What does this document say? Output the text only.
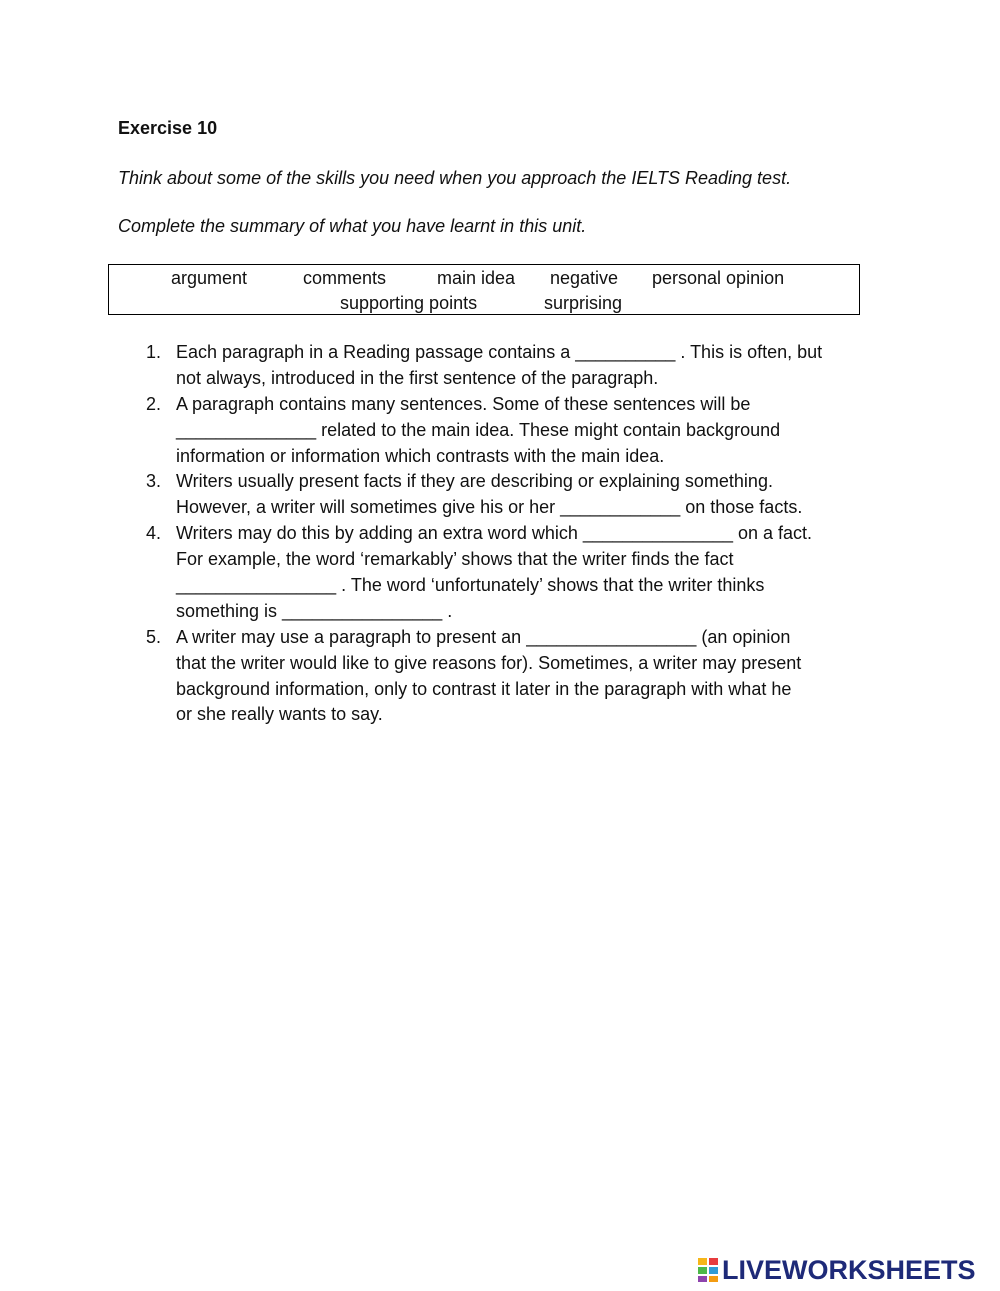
Exercise 10
Think about some of the skills you need when you approach the IELTS Reading test.
Complete the summary of what you have learnt in this unit.
argument	comments	main idea negative personal opinion
supporting points	surprising
1. Each paragraph in a Reading passage contains a __________ . This is often, but
not always, introduced in the first sentence of the paragraph.
2. A paragraph contains many sentences. Some of these sentences will be
______________ related to the main idea. These might contain background
information or information which contrasts with the main idea.
3. Writers usually present facts if they are describing or explaining something.
However, a writer will sometimes give his or her ____________ on those facts.
4. Writers may do this by adding an extra word which _______________ on a fact.
For example, the word ‘remarkably’ shows that the writer finds the fact
________________ . The word ‘unfortunately’ shows that the writer thinks
something is ________________ .
5. A writer may use a paragraph to present an _________________ (an opinion
that the writer would like to give reasons for). Sometimes, a writer may present
background information, only to contrast it later in the paragraph with what he
or she really wants to say.
LIVEWORKSHEETS
